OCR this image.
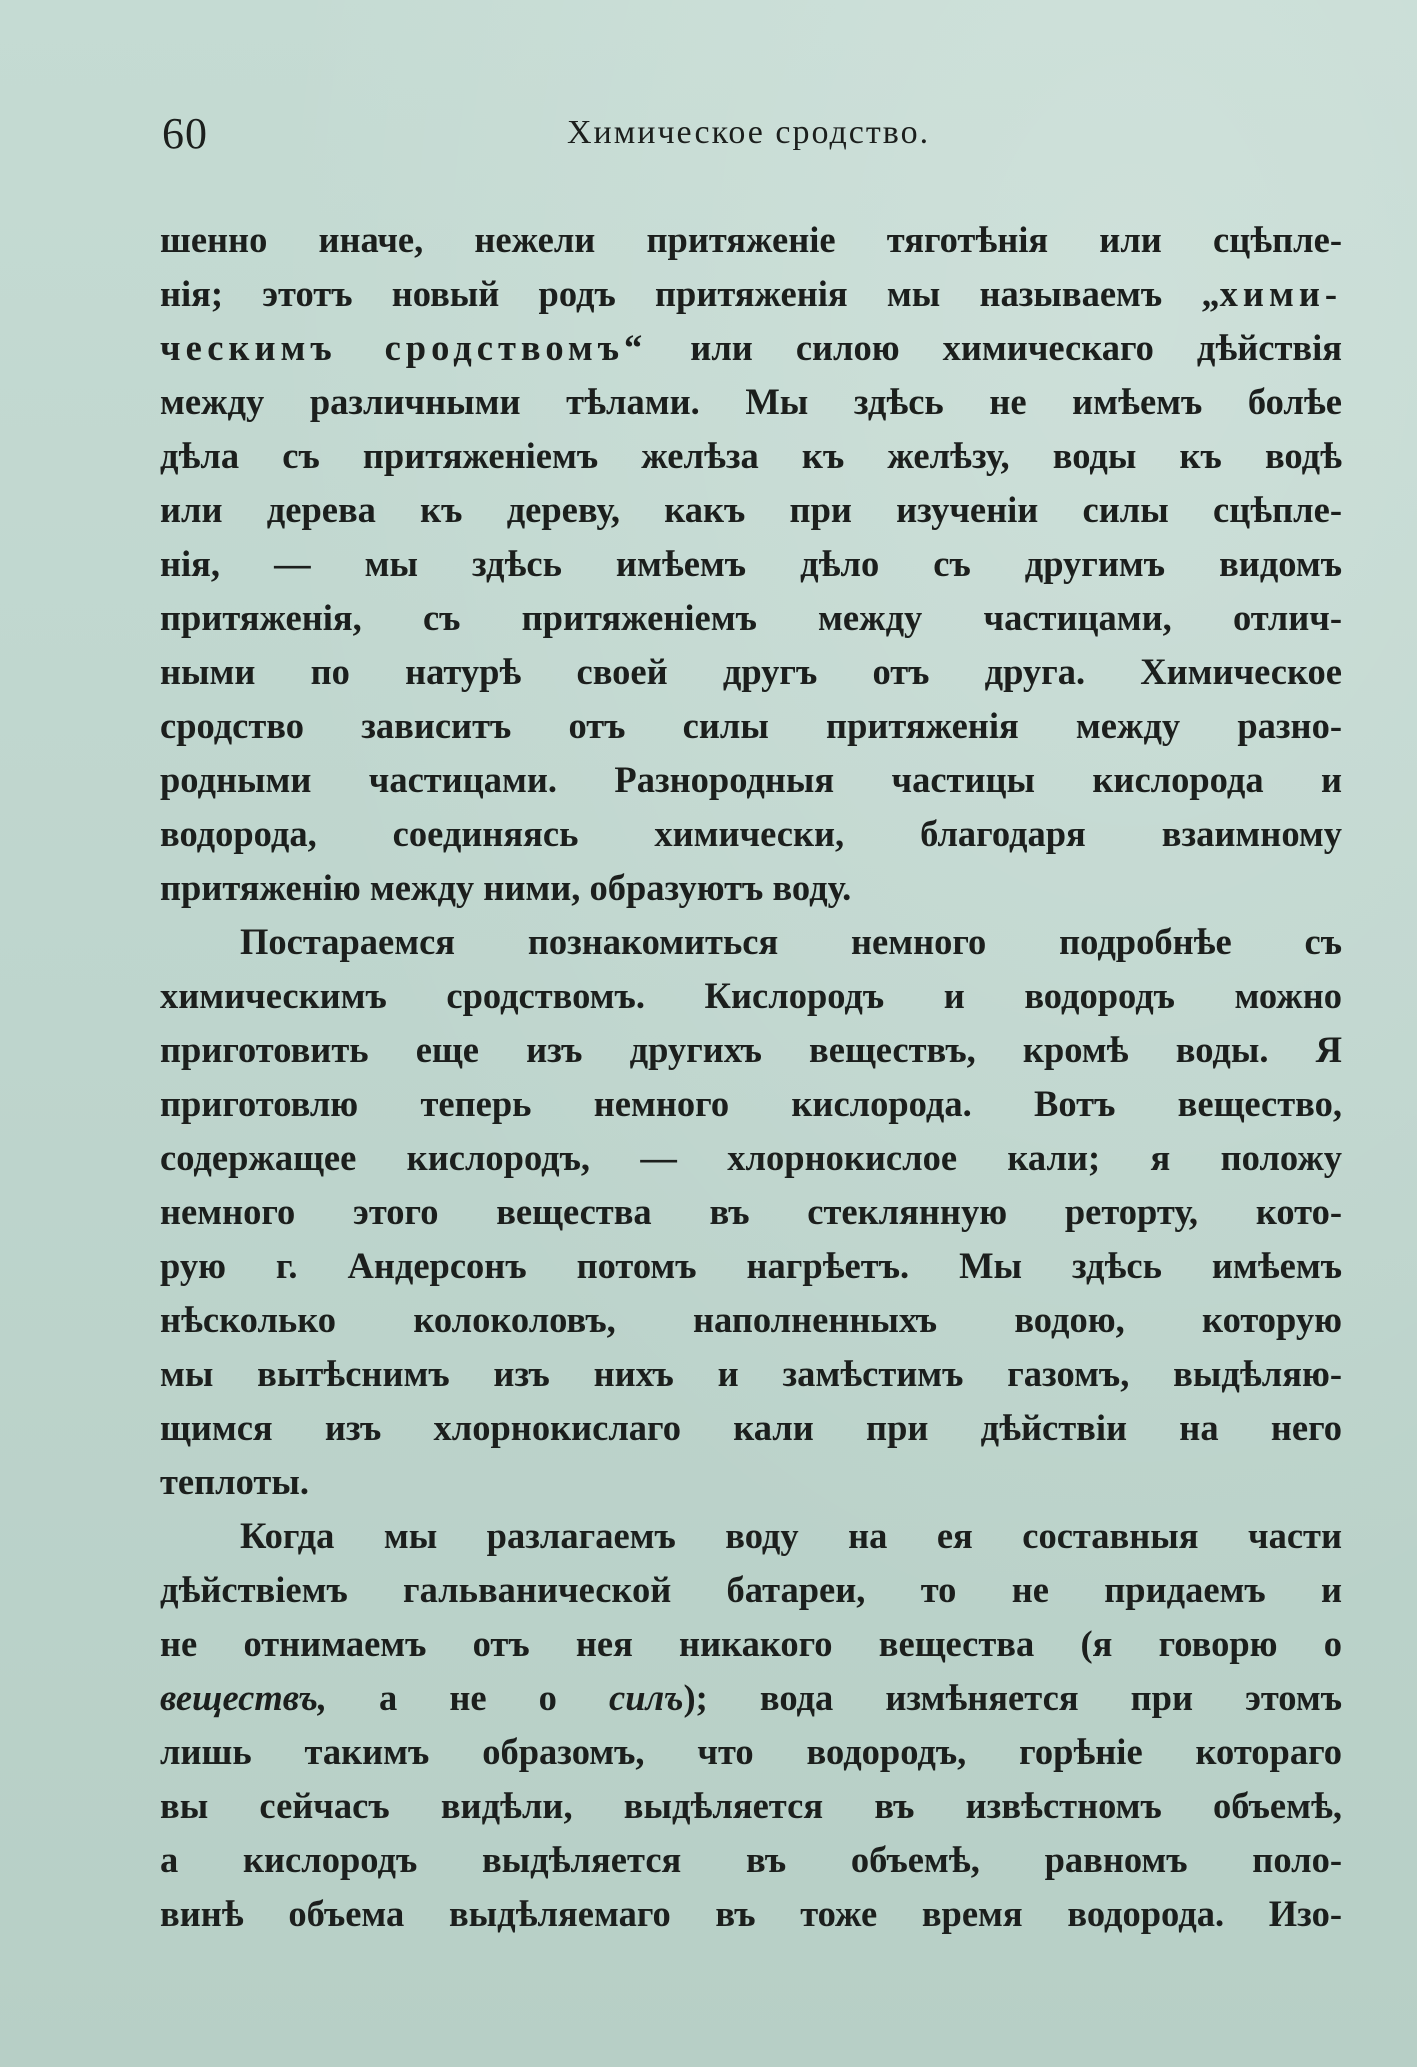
60	Химическое сродство.
шенно иначе, нежели притяженіе тяготѣнія или сцѣпле-
нія; этотъ новый родъ притяженія мы называемъ „хими-
ческимъ сродствомъ“ или силою химическаго дѣйствія
между различными тѣлами. Мы здѣсь не имѣемъ болѣе
дѣла съ притяженіемъ желѣза къ желѣзу, воды къ водѣ
или дерева къ дереву, какъ при изученіи силы сцѣпле-
нія, — мы здѣсь имѣемъ дѣло съ другимъ видомъ
притяженія, съ притяженіемъ между частицами, отлич-
ными по натурѣ своей другъ отъ друга. Химическое
сродство зависитъ отъ силы притяженія между разно-
родными частицами. Разнородныя частицы кислорода и
водорода, соединяясь химически, благодаря взаимному
притяженію между ними, образуютъ воду.
Постараемся познакомиться немного подробнѣе съ
химическимъ сродствомъ. Кислородъ и водородъ можно
приготовить еще изъ другихъ веществъ, кромѣ воды. Я
приготовлю теперь немного кислорода. Вотъ вещество,
содержащее кислородъ, — хлорнокислое кали; я положу
немного этого вещества въ стеклянную реторту, кото-
рую г. Андерсонъ потомъ нагрѣетъ. Мы здѣсь имѣемъ
нѣсколько колоколовъ, наполненныхъ водою, которую
мы вытѣснимъ изъ нихъ и замѣстимъ газомъ, выдѣляю-
щимся изъ хлорнокислаго кали при дѣйствіи на него
теплоты.
Когда мы разлагаемъ воду на ея составныя части
дѣйствіемъ гальванической батареи, то не придаемъ и
не отнимаемъ отъ нея никакого вещества (я говорю о
веществъ, a не о силъ); вода измѣняется при этомъ
лишь такимъ образомъ, что водородъ, горѣніе котораго
вы сейчасъ видѣли, выдѣляется въ извѣстномъ объемѣ,
а кислородъ выдѣляется въ объемѣ, равномъ поло-
винѣ объема выдѣляемаго въ тоже время водорода. Изо-
